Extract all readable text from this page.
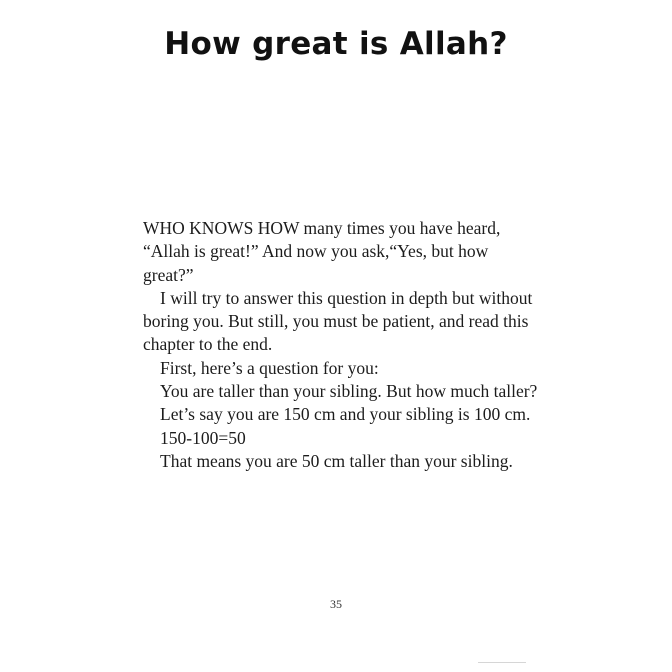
How great is Allah?

WHO KNOWS HOW many times you have heard, “Allah is great!” And now you ask,“Yes, but how great?”

I will try to answer this question in depth but without boring you. But still, you must be patient, and read this chapter to the end.

First, here’s a question for you:

You are taller than your sibling. But how much taller?

Let’s say you are 150 cm and your sibling is 100 cm.

150-100=50

That means you are 50 cm taller than your sibling.

35
